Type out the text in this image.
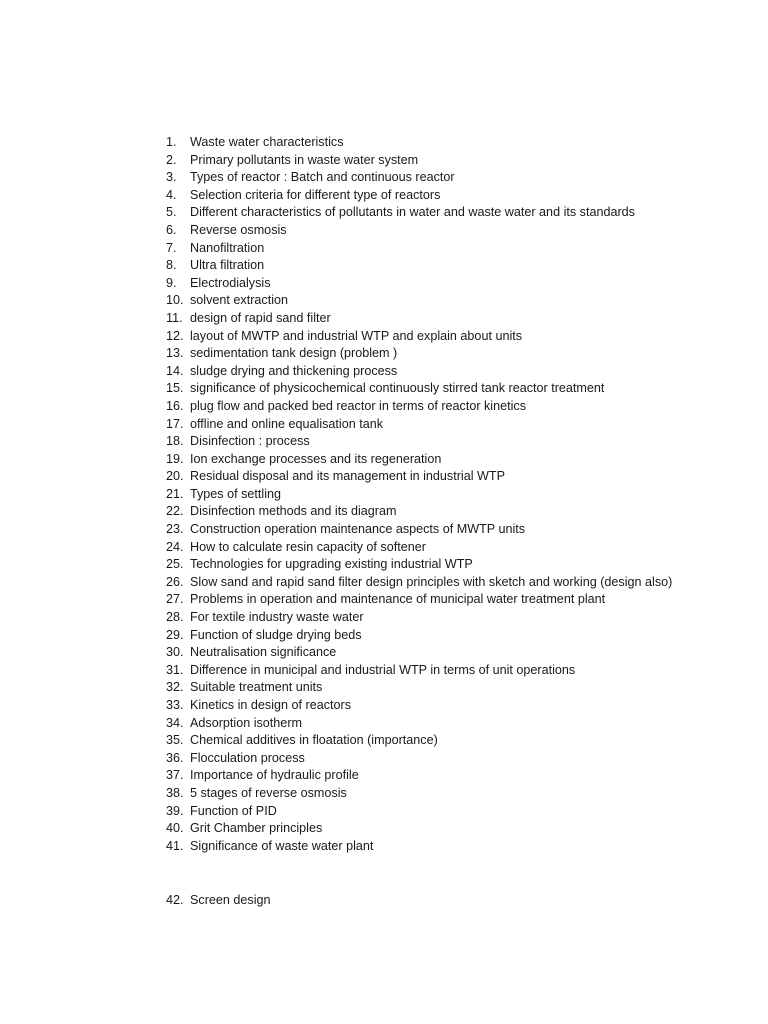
1.	Waste water characteristics
2.	Primary pollutants in waste water system
3.	Types of reactor : Batch and continuous reactor
4.	Selection criteria for different type of reactors
5.	Different characteristics of pollutants in water and waste water and its standards
6.	Reverse osmosis
7.	Nanofiltration
8.	Ultra filtration
9.	Electrodialysis
10. solvent extraction
11. design of rapid sand filter
12. layout of MWTP and industrial WTP and explain about units
13. sedimentation tank design (problem )
14. sludge drying and thickening process
15. significance of physicochemical continuously stirred tank reactor treatment
16. plug flow and packed bed reactor in terms of reactor kinetics
17. offline and online equalisation tank
18. Disinfection : process
19. Ion exchange processes and its regeneration
20. Residual disposal and its management in industrial WTP
21. Types of settling
22. Disinfection methods and its diagram
23. Construction operation maintenance aspects of MWTP units
24. How to calculate resin capacity of softener
25. Technologies for upgrading existing industrial WTP
26. Slow sand and rapid sand filter design principles with sketch and working (design also)
27. Problems in operation and maintenance of municipal water treatment plant
28. For textile industry waste water
29. Function of sludge drying beds
30. Neutralisation significance
31. Difference in municipal and industrial WTP in terms of unit operations
32. Suitable treatment units
33. Kinetics in design of reactors
34. Adsorption isotherm
35. Chemical additives in floatation (importance)
36. Flocculation process
37. Importance of hydraulic profile
38. 5 stages of reverse osmosis
39. Function of PID
40. Grit Chamber principles
41. Significance of waste water plant
42. Screen design
